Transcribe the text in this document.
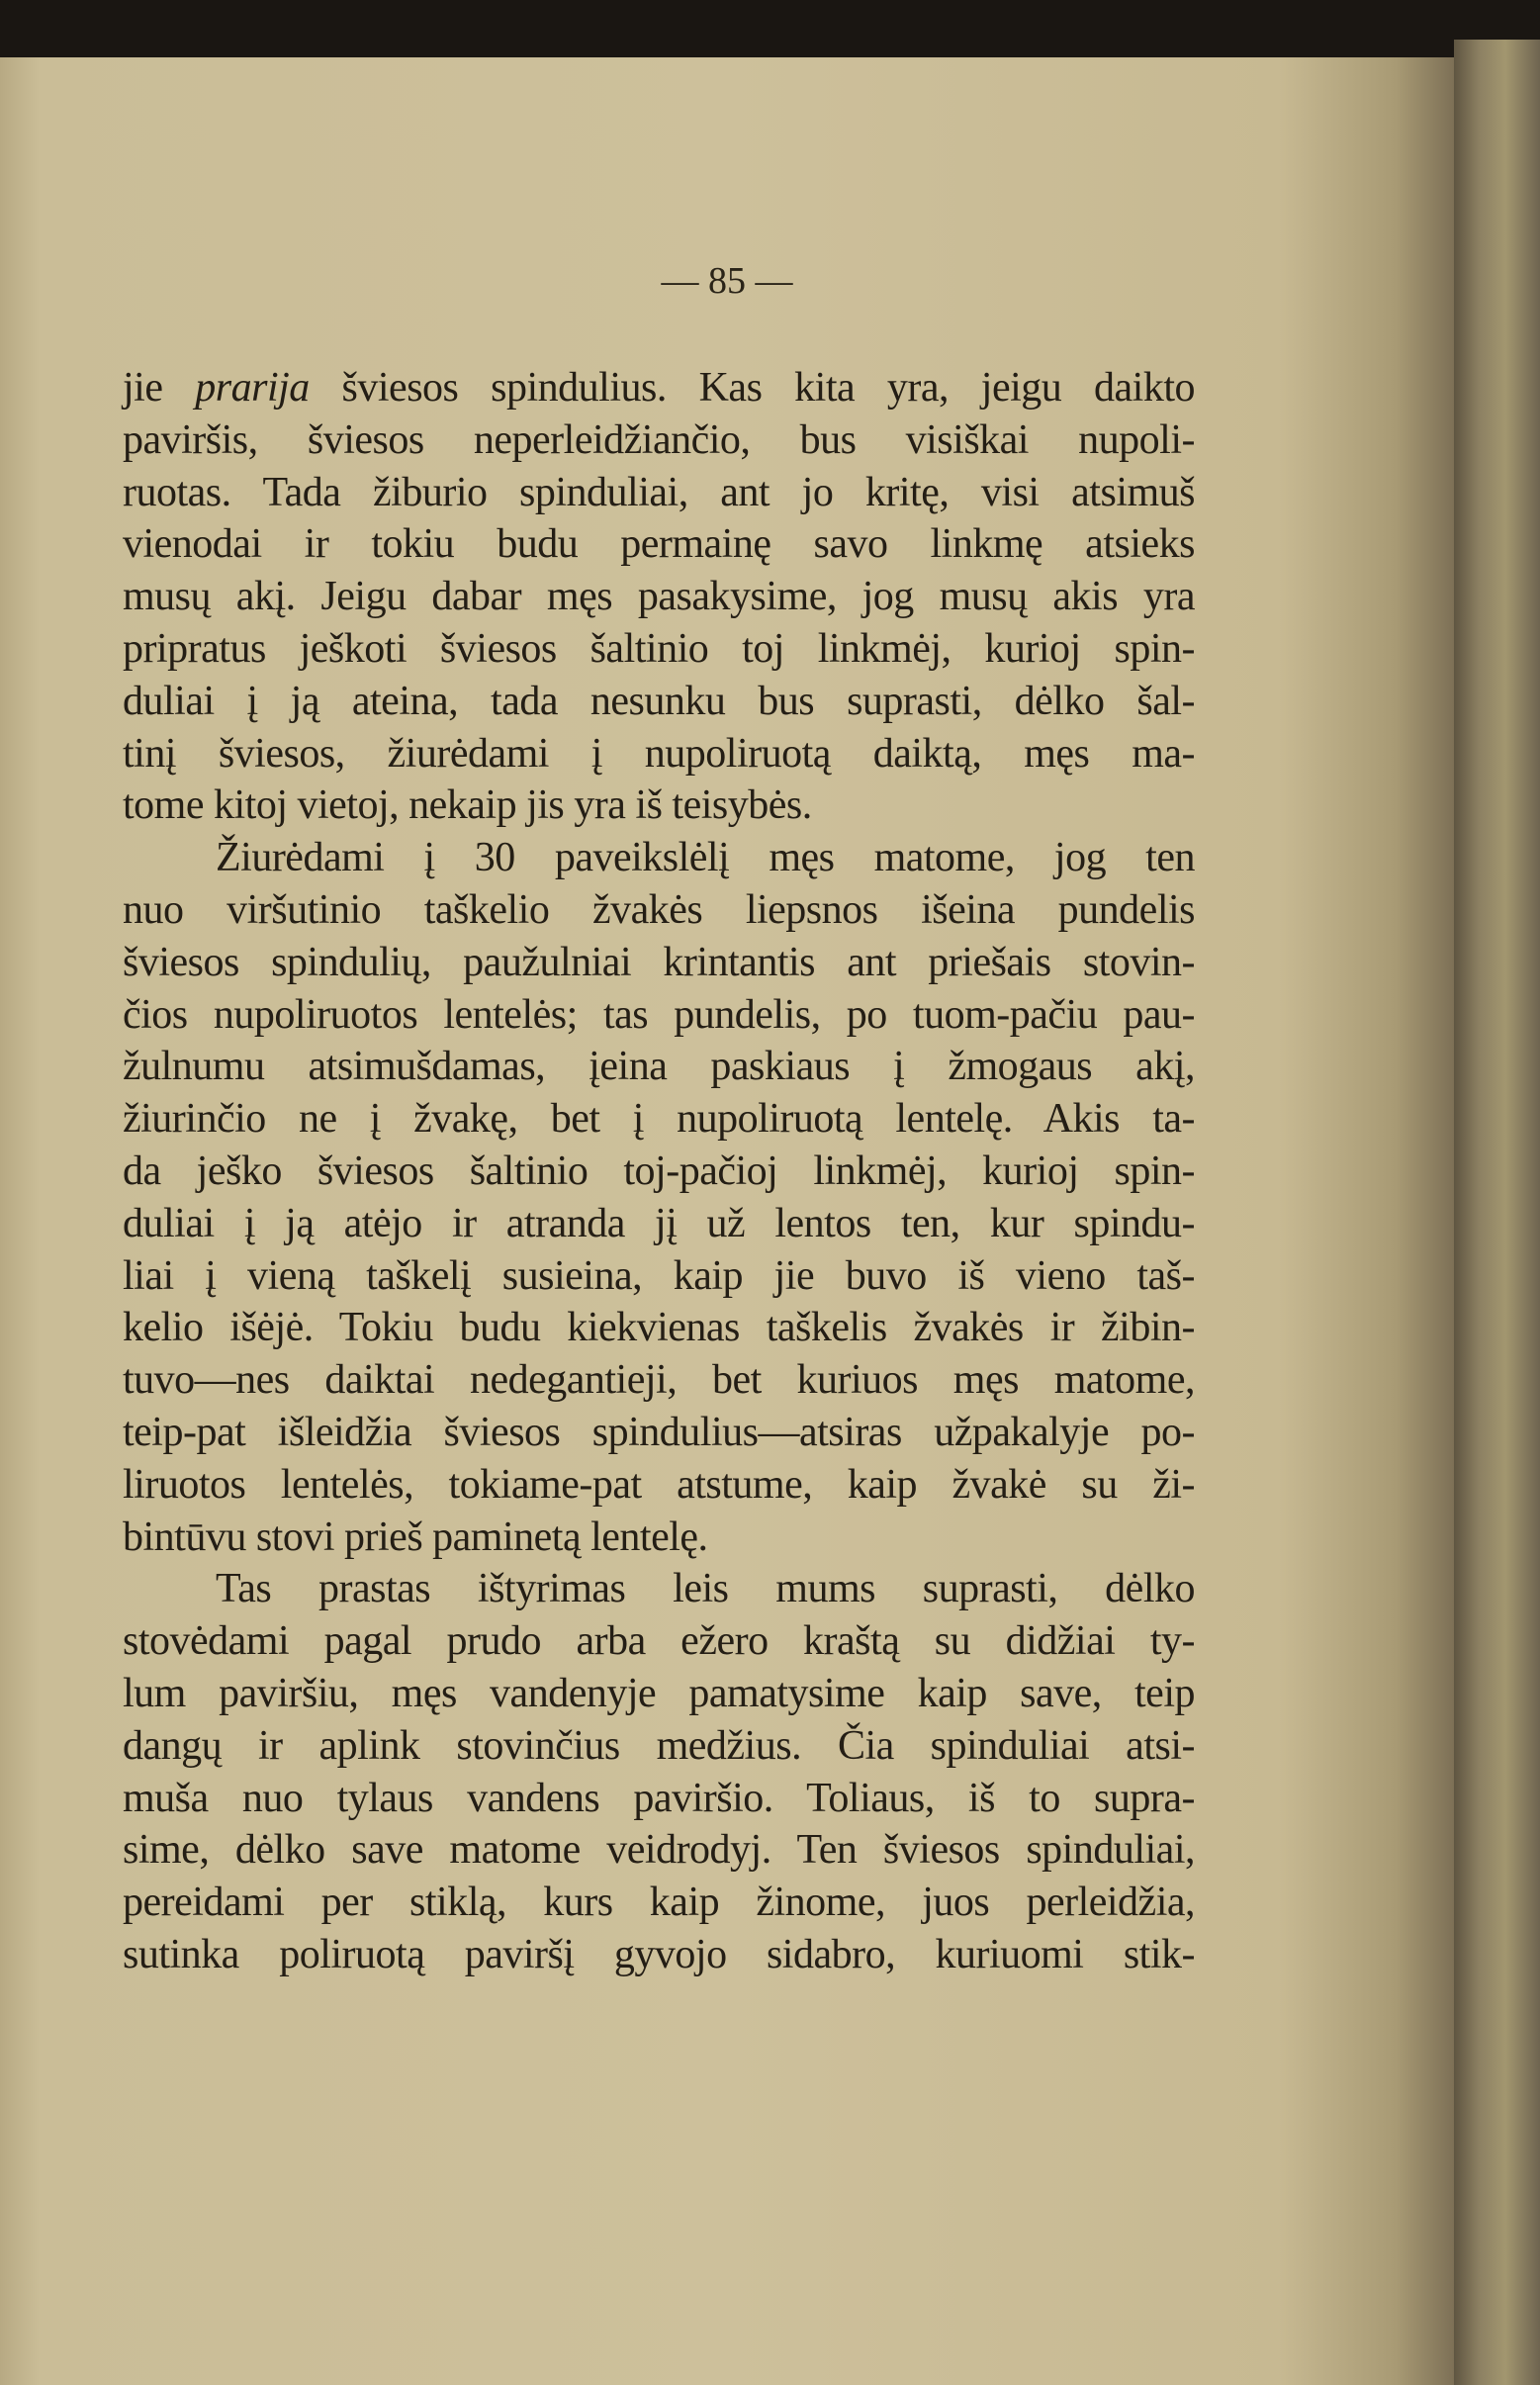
— 85 —
jie prarija šviesos spindulius. Kas kita yra, jeigu daikto
paviršis, šviesos neperleidžiančio, bus visiškai nupoli-
ruotas. Tada žiburio spinduliai, ant jo kritę, visi atsimuš
vienodai ir tokiu budu permainę savo linkmę atsieks
musų akį. Jeigu dabar męs pasakysime, jog musų akis yra
pripratus ješkoti šviesos šaltinio toj linkmėj, kurioj spin-
duliai į ją ateina, tada nesunku bus suprasti, dėlko šal-
tinį šviesos, žiurėdami į nupoliruotą daiktą, męs ma-
tome kitoj vietoj, nekaip jis yra iš teisybės.
Žiurėdami į 30 paveikslėlį męs matome, jog ten
nuo viršutinio taškelio žvakės liepsnos išeina pundelis
šviesos spindulių, paužulniai krintantis ant priešais stovin-
čios nupoliruotos lentelės; tas pundelis, po tuom-pačiu pau-
žulnumu atsimušdamas, įeina paskiaus į žmogaus akį,
žiurinčio ne į žvakę, bet į nupoliruotą lentelę. Akis ta-
da ješko šviesos šaltinio toj-pačioj linkmėj, kurioj spin-
duliai į ją atėjo ir atranda jį už lentos ten, kur spindu-
liai į vieną taškelį susieina, kaip jie buvo iš vieno taš-
kelio išėjė. Tokiu budu kiekvienas taškelis žvakės ir žibin-
tuvo—nes daiktai nedegantieji, bet kuriuos męs matome,
teip-pat išleidžia šviesos spindulius—atsiras užpakalyje po-
liruotos lentelės, tokiame-pat atstume, kaip žvakė su ži-
bintūvu stovi prieš paminetą lentelę.
Tas prastas ištyrimas leis mums suprasti, dėlko
stovėdami pagal prudo arba ežero kraštą su didžiai ty-
lum paviršiu, męs vandenyje pamatysime kaip save, teip
dangų ir aplink stovinčius medžius. Čia spinduliai atsi-
muša nuo tylaus vandens paviršio. Toliaus, iš to supra-
sime, dėlko save matome veidrodyj. Ten šviesos spinduliai,
pereidami per stiklą, kurs kaip žinome, juos perleidžia,
sutinka poliruotą paviršį gyvojo sidabro, kuriuomi stik-
